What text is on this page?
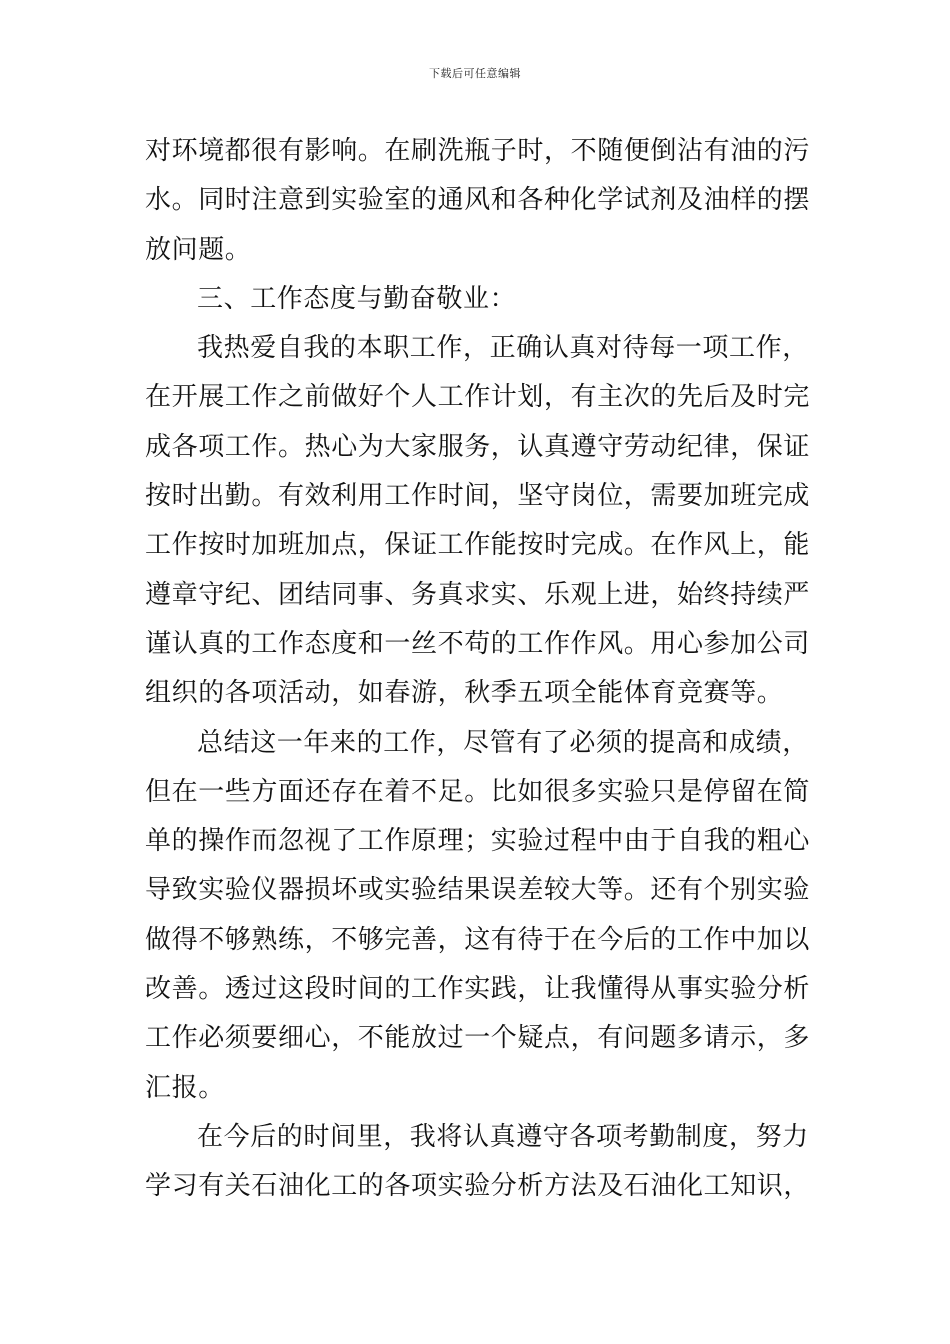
下载后可任意编辑
对环境都很有影响。在刷洗瓶子时，不随便倒沾有油的污
水。同时注意到实验室的通风和各种化学试剂及油样的摆
放问题。
三、工作态度与勤奋敬业：
我热爱自我的本职工作，正确认真对待每一项工作，
在开展工作之前做好个人工作计划，有主次的先后及时完
成各项工作。热心为大家服务，认真遵守劳动纪律，保证
按时出勤。有效利用工作时间，坚守岗位，需要加班完成
工作按时加班加点，保证工作能按时完成。在作风上，能
遵章守纪、团结同事、务真求实、乐观上进，始终持续严
谨认真的工作态度和一丝不苟的工作作风。用心参加公司
组织的各项活动，如春游，秋季五项全能体育竞赛等。
总结这一年来的工作，尽管有了必须的提高和成绩，
但在一些方面还存在着不足。比如很多实验只是停留在简
单的操作而忽视了工作原理；实验过程中由于自我的粗心
导致实验仪器损坏或实验结果误差较大等。还有个别实验
做得不够熟练，不够完善，这有待于在今后的工作中加以
改善。透过这段时间的工作实践，让我懂得从事实验分析
工作必须要细心，不能放过一个疑点，有问题多请示，多
汇报。
在今后的时间里，我将认真遵守各项考勤制度，努力
学习有关石油化工的各项实验分析方法及石油化工知识，
